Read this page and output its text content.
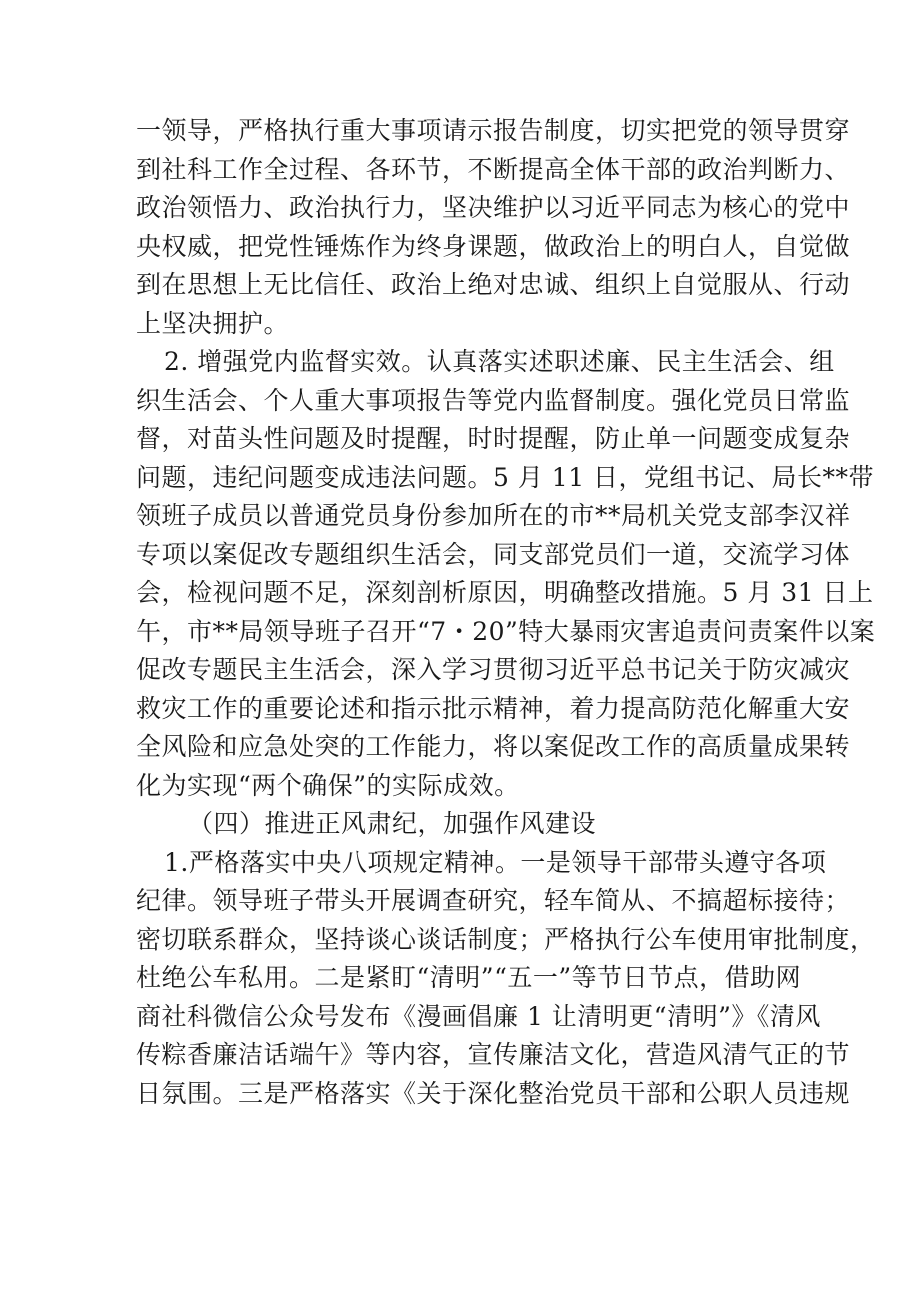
一领导，严格执行重大事项请示报告制度，切实把党的领导贯穿
到社科工作全过程、各环节，不断提高全体干部的政治判断力、
政治领悟力、政治执行力，坚决维护以习近平同志为核心的党中
央权威，把党性锤炼作为终身课题，做政治上的明白人，自觉做
到在思想上无比信任、政治上绝对忠诚、组织上自觉服从、行动
上坚决拥护。
2. 增强党内监督实效。认真落实述职述廉、民主生活会、组
织生活会、个人重大事项报告等党内监督制度。强化党员日常监
督，对苗头性问题及时提醒，时时提醒，防止单一问题变成复杂
问题，违纪问题变成违法问题。5 月 11 日，党组书记、局长**带
领班子成员以普通党员身份参加所在的市**局机关党支部李汉祥
专项以案促改专题组织生活会，同支部党员们一道，交流学习体
会，检视问题不足，深刻剖析原因，明确整改措施。5 月 31 日上
午，市**局领导班子召开“7・20”特大暴雨灾害追责问责案件以案
促改专题民主生活会，深入学习贯彻习近平总书记关于防灾减灾
救灾工作的重要论述和指示批示精神，着力提高防范化解重大安
全风险和应急处突的工作能力，将以案促改工作的高质量成果转
化为实现“两个确保”的实际成效。
（四）推进正风肃纪，加强作风建设
1.严格落实中央八项规定精神。一是领导干部带头遵守各项
纪律。领导班子带头开展调查研究，轻车简从、不搞超标接待；
密切联系群众，坚持谈心谈话制度；严格执行公车使用审批制度，
杜绝公车私用。二是紧盯“清明”“五一”等节日节点，借助网
商社科微信公众号发布《漫画倡廉 1 让清明更“清明”》《清风
传粽香廉洁话端午》等内容，宣传廉洁文化，营造风清气正的节
日氛围。三是严格落实《关于深化整治党员干部和公职人员违规
